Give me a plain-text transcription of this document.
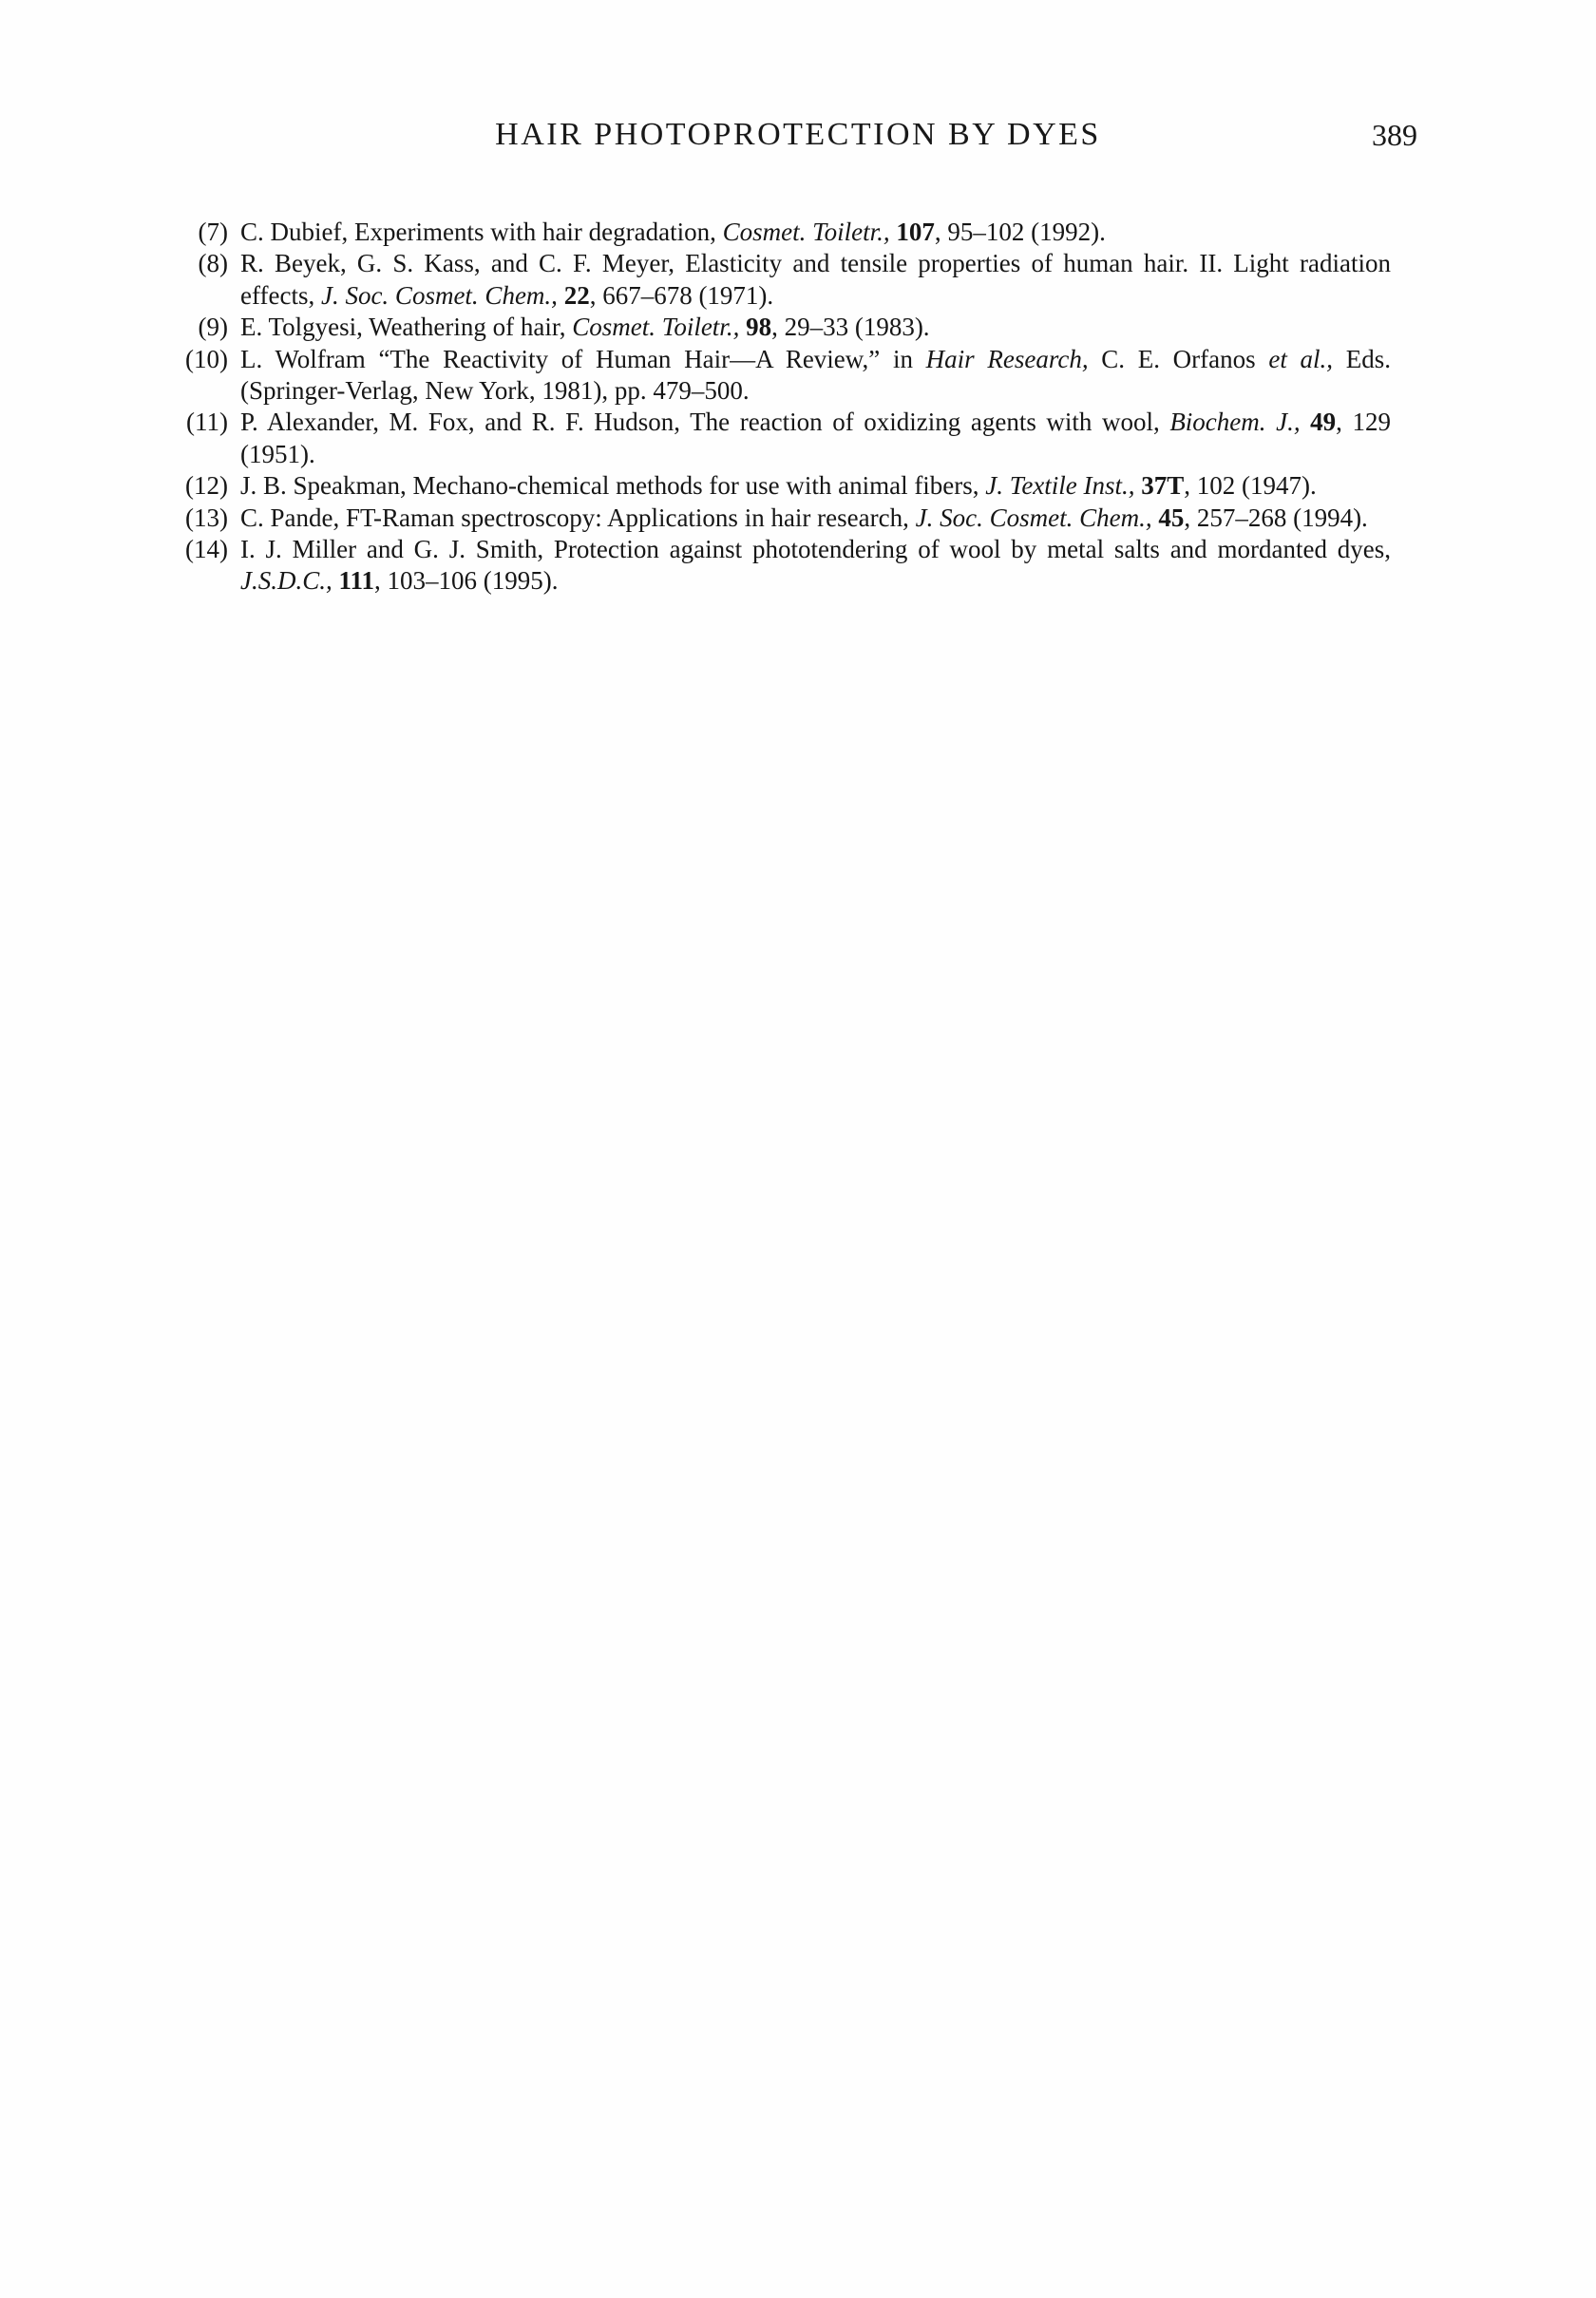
HAIR PHOTOPROTECTION BY DYES	389
(7) C. Dubief, Experiments with hair degradation, Cosmet. Toiletr., 107, 95–102 (1992).
(8) R. Beyek, G. S. Kass, and C. F. Meyer, Elasticity and tensile properties of human hair. II. Light radiation effects, J. Soc. Cosmet. Chem., 22, 667–678 (1971).
(9) E. Tolgyesi, Weathering of hair, Cosmet. Toiletr., 98, 29–33 (1983).
(10) L. Wolfram “The Reactivity of Human Hair—A Review,” in Hair Research, C. E. Orfanos et al., Eds. (Springer-Verlag, New York, 1981), pp. 479–500.
(11) P. Alexander, M. Fox, and R. F. Hudson, The reaction of oxidizing agents with wool, Biochem. J., 49, 129 (1951).
(12) J. B. Speakman, Mechano-chemical methods for use with animal fibers, J. Textile Inst., 37T, 102 (1947).
(13) C. Pande, FT-Raman spectroscopy: Applications in hair research, J. Soc. Cosmet. Chem., 45, 257–268 (1994).
(14) I. J. Miller and G. J. Smith, Protection against phototendering of wool by metal salts and mordanted dyes, J.S.D.C., 111, 103–106 (1995).
